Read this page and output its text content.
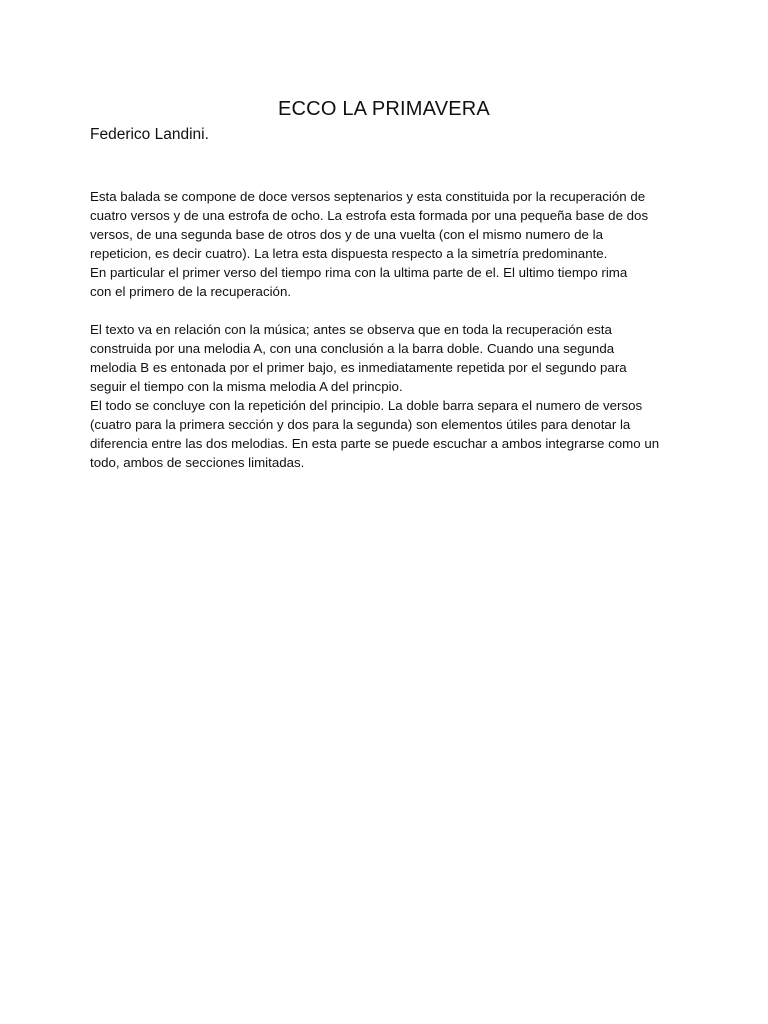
ECCO LA PRIMAVERA

Federico Landini.

Esta balada se compone de doce versos septenarios y esta constituida por la recuperación de
cuatro versos y de una estrofa de ocho. La estrofa esta formada por una pequeña base de dos
versos, de una segunda base de otros dos y de una vuelta (con el mismo numero de la
repeticion, es decir cuatro). La letra esta dispuesta respecto a la simetría predominante.
En particular el primer verso del tiempo rima con la ultima parte de el. El ultimo tiempo rima
con el primero de la recuperación.
El texto va en relación con la música; antes se observa que en toda la recuperación esta
construida por una melodia A, con una conclusión a la barra doble. Cuando una segunda
melodia B es entonada por el primer bajo, es inmediatamente repetida por el segundo para
seguir el tiempo con la misma melodia A del princpio.
El todo se concluye con la repetición del principio. La doble barra separa el numero de versos
(cuatro para la primera sección y dos para la segunda) son elementos útiles para denotar la
diferencia entre las dos melodias. En esta parte se puede escuchar a ambos integrarse como un
todo, ambos de secciones limitadas.
